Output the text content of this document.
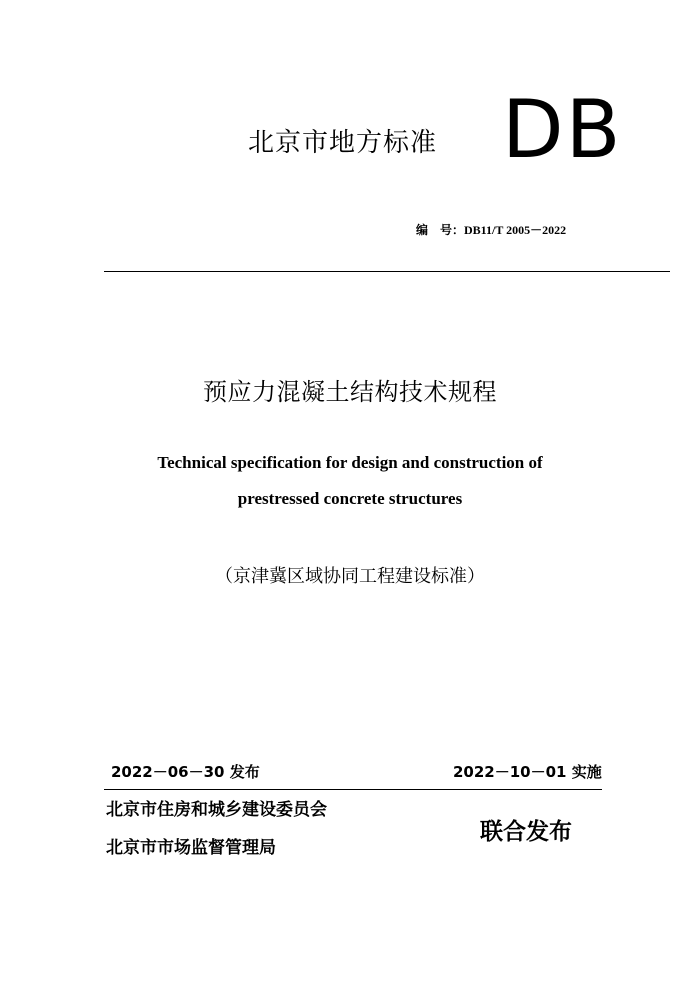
北京市地方标准 DB
编　号：DB11/T 2005－2022
预应力混凝土结构技术规程
Technical specification for design and construction of
prestressed concrete structures
（京津冀区域协同工程建设标准）
2022－06－30 发布	2022－10－01 实施
北京市住房和城乡建设委员会
北京市市场监督管理局
联合发布
